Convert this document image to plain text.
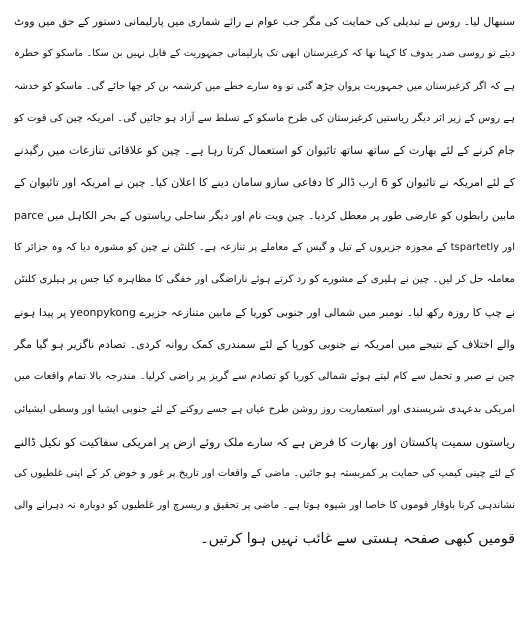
سنبھال لیا۔ روس نے تبدیلی کی حمایت کی مگر جب عوام نے رائے شماری میں پارلیمانی دستور کے حق میں ووٹ
دیئے تو روسی صدر یدوف کا کہنا تھا کہ کرغیزستان ابھی تک پارلیمانی جمہوریت کے قابل نہیں بن سکا۔ ماسکو کو خطرہ
ہے کہ اگر کرغیزستان میں جمہوریت پروان چڑھ گئی تو وہ سارے خطے میں کرشمہ بن کر چھا جائے گی۔ ماسکو کو خدشہ
ہے روس کے زیر اثر دیگر ریاستیں کرغیزستان کی طرح ماسکو کے تسلط سے آزاد ہو جائیں گی۔ امریکہ چین کی قوت کو
جام کرنے کے لئے بھارت کے ساتھ ساتھ تائیوان کو استعمال کرتا رہا ہے۔ چین کو علاقائی تنازعات میں رگیدنے
کے لئے امریکہ نے تائیوان کو 6 ارب ڈالر کا دفاعی سازو سامان دینے کا اعلان کیا۔ چین نے امریکہ اور تائیوان کے
مابین رابطوں کو عارضی طور پر معطل کردیا۔ چین ویت نام اور دیگر ساحلی ریاستوں کے بحر الکاہل میں parce
اور tspartetly کے مجوزہ جزیروں کے تیل و گیس کے معاملے پر تنازعہ ہے۔ کلنٹن نے چین کو مشورہ دیا کہ وہ جزائر کا
معاملہ حل کر لیں۔ چین نے ہلیری کے مشورے کو رد کرتے ہوئے ناراضگی اور خفگی کا مظاہرہ کیا جس پر ہیلری کلنٹن
نے چپ کا روزہ رکھ لیا۔ نومبر میں شمالی اور جنوبی کوریا کے مابین متنازعہ جزیرے yeonpykong پر پیدا ہونے
والے اختلاف کے نتیجے میں امریکہ نے جنوبی کوریا کے لئے سمندری کمک روانہ کردی۔ تصادم ناگزیر ہو گیا مگر
چین نے صبر و تحمل سے کام لیتے ہوئے شمالی کوریا کو تصادم سے گریز پر راضی کرلیا۔ مندرجہ بالا تمام واقعات میں
امریکی بدعہدی شرپسندی اور استعماریت روز روشن طرح عیاں ہے جسے روکنے کے لئے جنوبی ایشیا اور وسطی ایشیائی
ریاستوں سمیت پاکستان اور بھارت کا فرض ہے کہ سارے ملک روئے ارض پر امریکی سفاکیت کو نکیل ڈالنے
کے لئے چینی کیمپ کی حمایت پر کمربستہ ہو جائیں۔ ماضی کے واقعات اور تاریخ پر غور و خوض کر کے اپنی غلطیوں کی
نشاندہی کرنا باوقار قوموں کا خاصا اور شیوہ ہوتا ہے۔ ماضی پر تحقیق و ریسرچ اور غلطیوں کو دوبارہ نہ دہرانے والی
قومیں کبھی صفحہ ہستی سے غائب نہیں ہوا کرتیں۔
